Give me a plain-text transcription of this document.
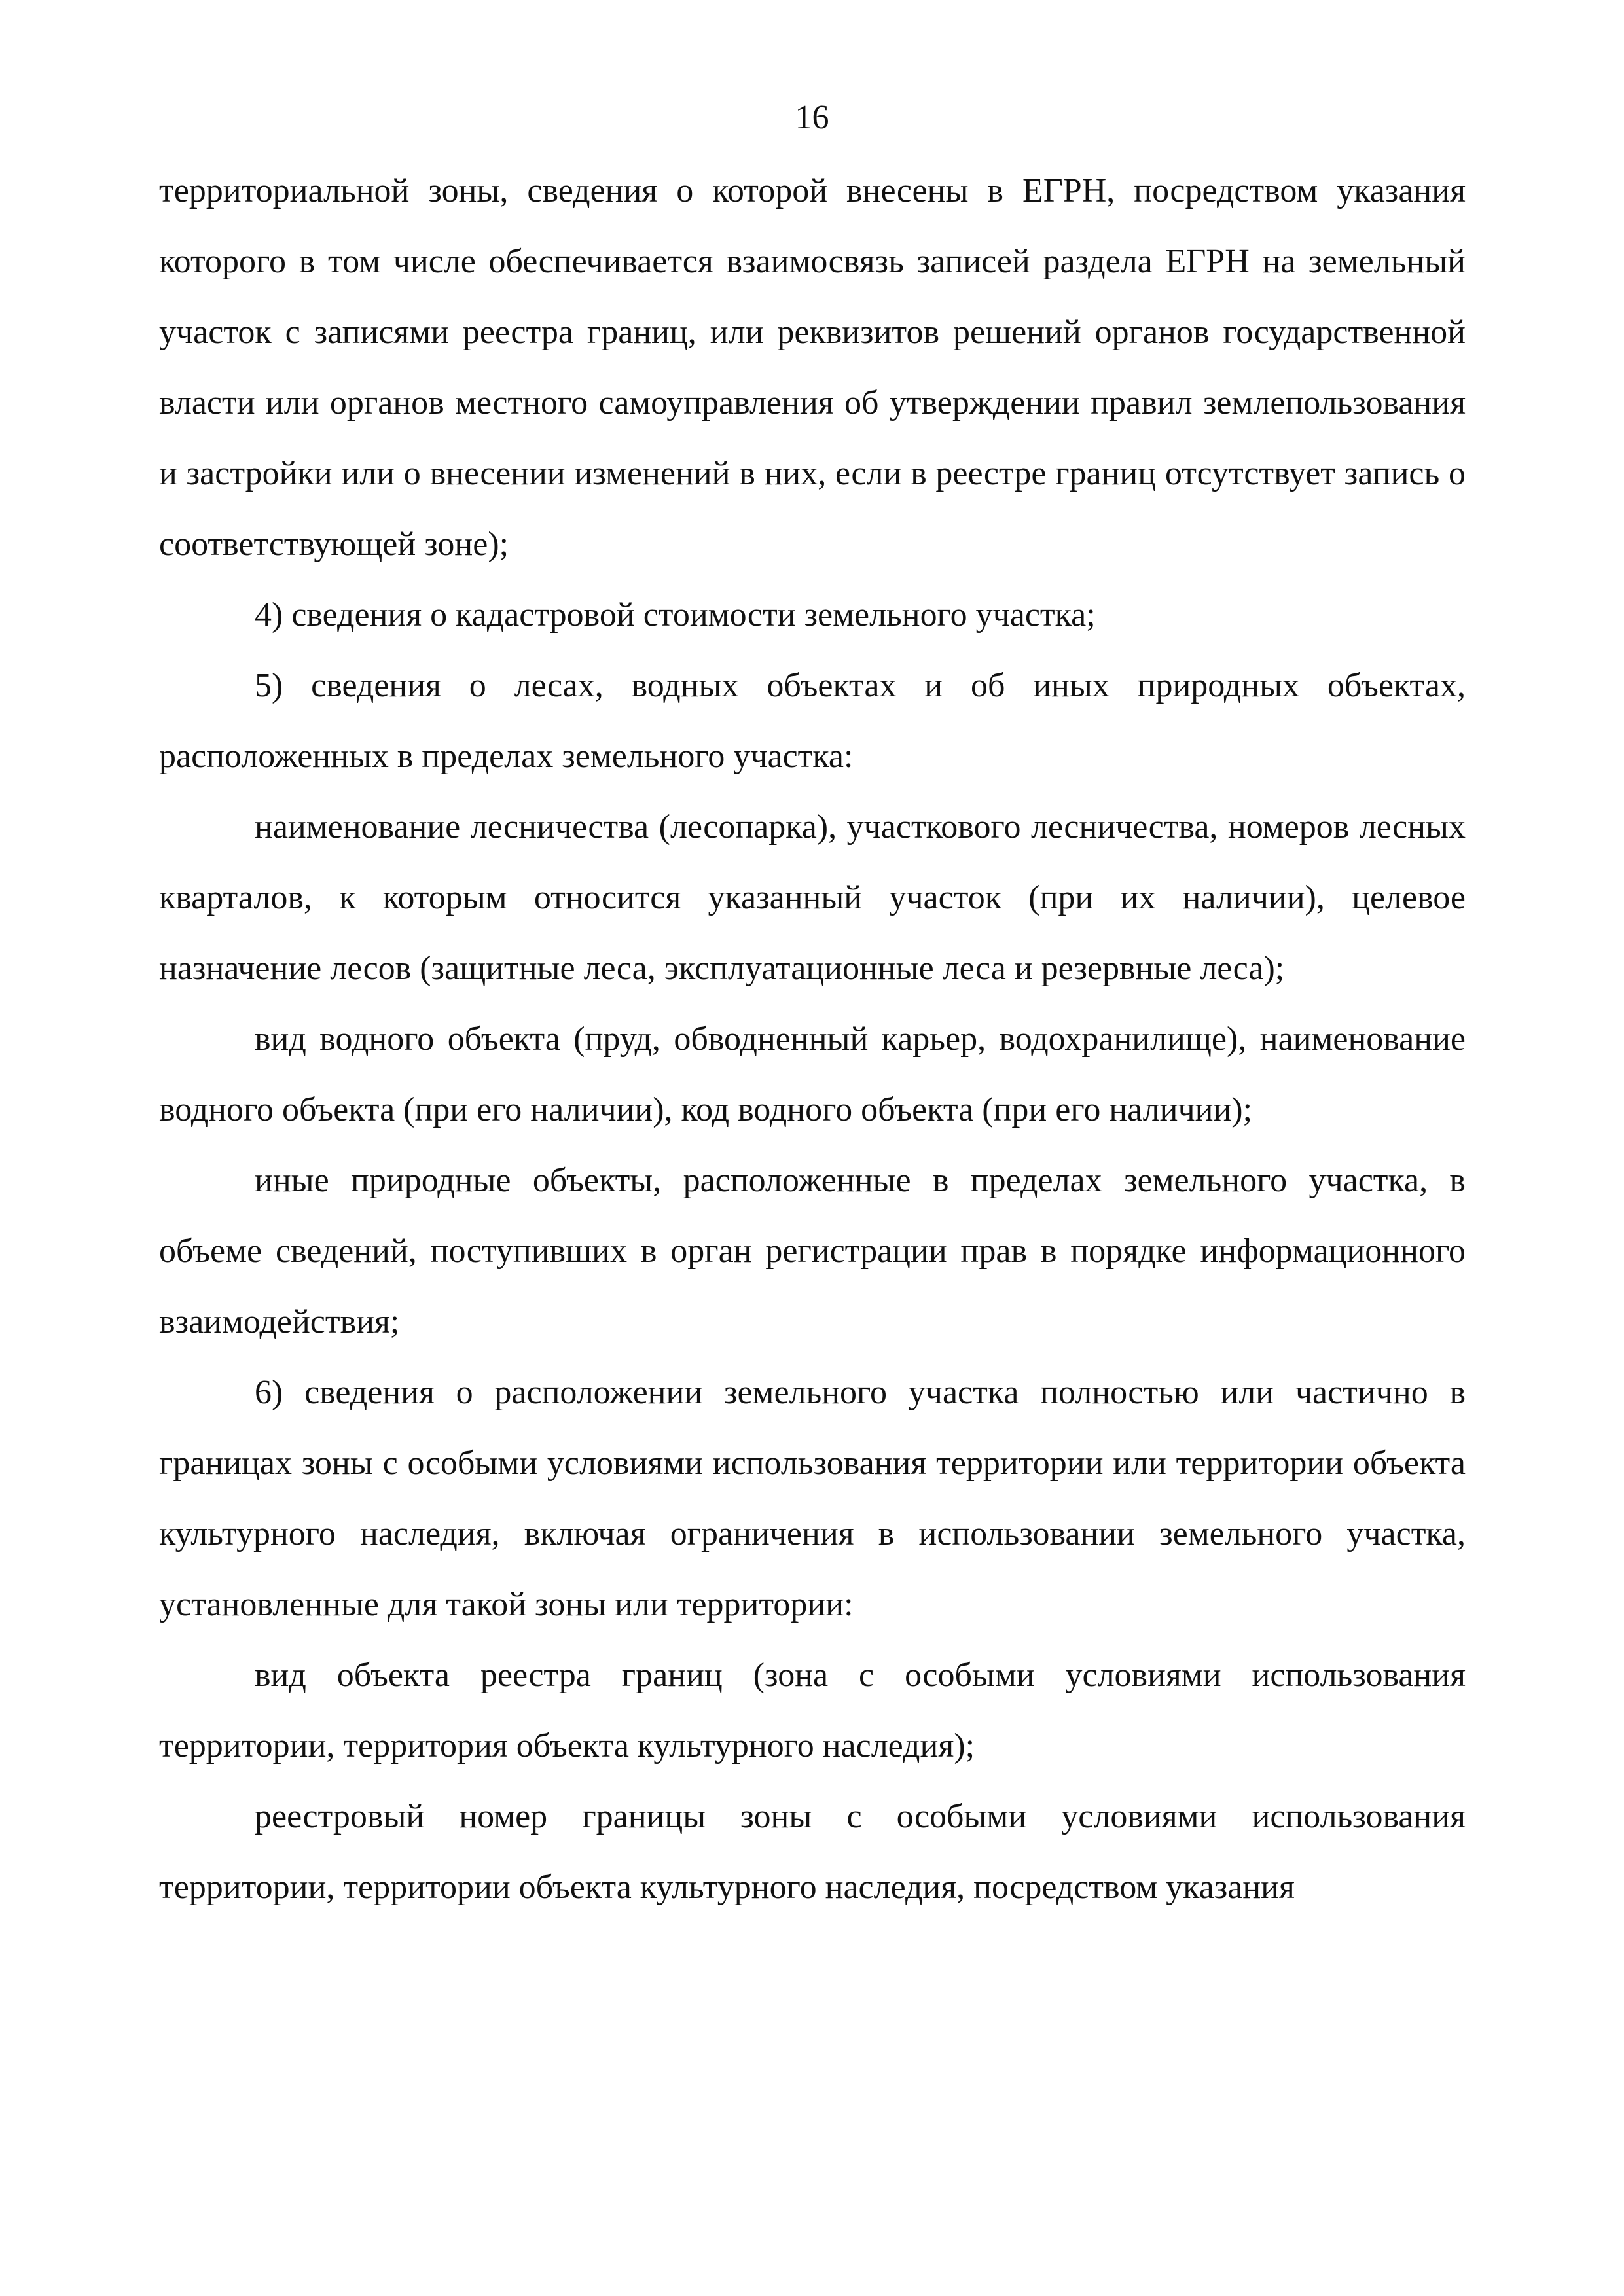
16

территориальной зоны, сведения о которой внесены в ЕГРН, посредством указания которого в том числе обеспечивается взаимосвязь записей раздела ЕГРН на земельный участок с записями реестра границ, или реквизитов решений органов государственной власти или органов местного самоуправления об утверждении правил землепользования и застройки или о внесении изменений в них, если в реестре границ отсутствует запись о соответствующей зоне);

4) сведения о кадастровой стоимости земельного участка;

5) сведения о лесах, водных объектах и об иных природных объектах, расположенных в пределах земельного участка:

наименование лесничества (лесопарка), участкового лесничества, номеров лесных кварталов, к которым относится указанный участок (при их наличии), целевое назначение лесов (защитные леса, эксплуатационные леса и резервные леса);

вид водного объекта (пруд, обводненный карьер, водохранилище), наименование водного объекта (при его наличии), код водного объекта (при его наличии);

иные природные объекты, расположенные в пределах земельного участка, в объеме сведений, поступивших в орган регистрации прав в порядке информационного взаимодействия;

6) сведения о расположении земельного участка полностью или частично в границах зоны с особыми условиями использования территории или территории объекта культурного наследия, включая ограничения в использовании земельного участка, установленные для такой зоны или территории:

вид объекта реестра границ (зона с особыми условиями использования территории, территория объекта культурного наследия);

реестровый номер границы зоны с особыми условиями использования территории, территории объекта культурного наследия, посредством указания
